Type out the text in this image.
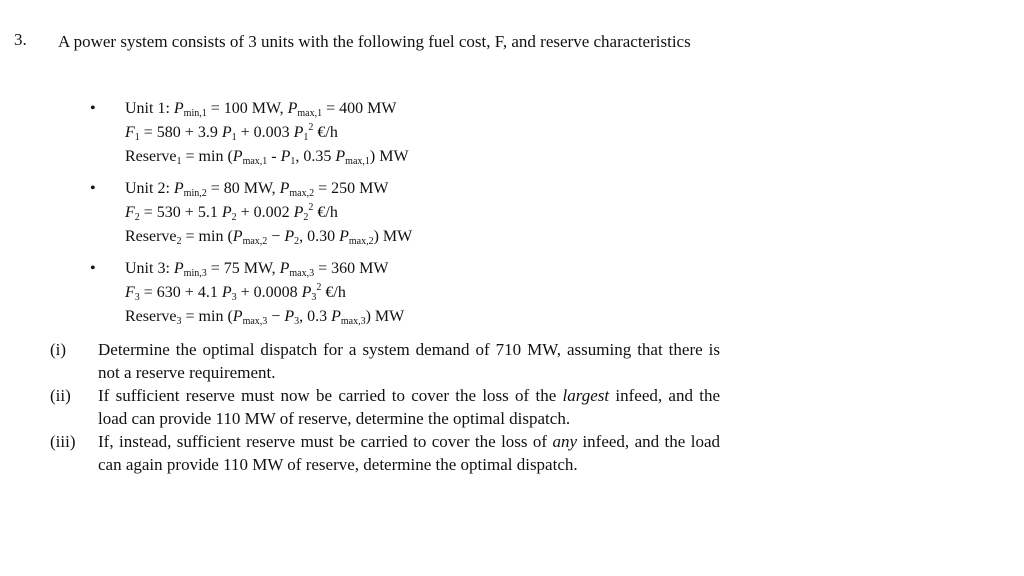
3. A power system consists of 3 units with the following fuel cost, F, and reserve characteristics
• Unit 1: $P_{min,1} = 100$ MW, $P_{max,1} = 400$ MW
$F_1 = 580 + 3.9$ $P_1 + 0.003$ $P_1^2$ €/h
Reserve$_1$ = $\min (P_{max,1} - P_1$, 0.35 $P_{max,1}$) MW
• Unit 2: $P_{min,2} = 80$ MW, $P_{max,2} = 250$ MW
$F_2 = 530 + 5.1$ $P_2 + 0.002$ $P_2^2$ €/h
Reserve$_2$ = $\min (P_{max,2} - P_2$, 0.30 $P_{max,2}$) MW
• Unit 3: $P_{min,3} = 75$ MW, $P_{max,3} = 360$ MW
$F_3 = 630 + 4.1$ $P_3 + 0.0008$ $P_3^2$ €/h
Reserve$_3$ = $\min (P_{max,3} - P_3$, 0.3 $P_{max,3}$) MW
(i)	Determine the optimal dispatch for a system demand of 710 MW, assuming that there is not a reserve requirement.
(ii)	If sufficient reserve must now be carried to cover the loss of the largest infeed, and the load can provide 110 MW of reserve, determine the optimal dispatch.
(iii)	If, instead, sufficient reserve must be carried to cover the loss of any infeed, and the load can again provide 110 MW of reserve, determine the optimal dispatch.
